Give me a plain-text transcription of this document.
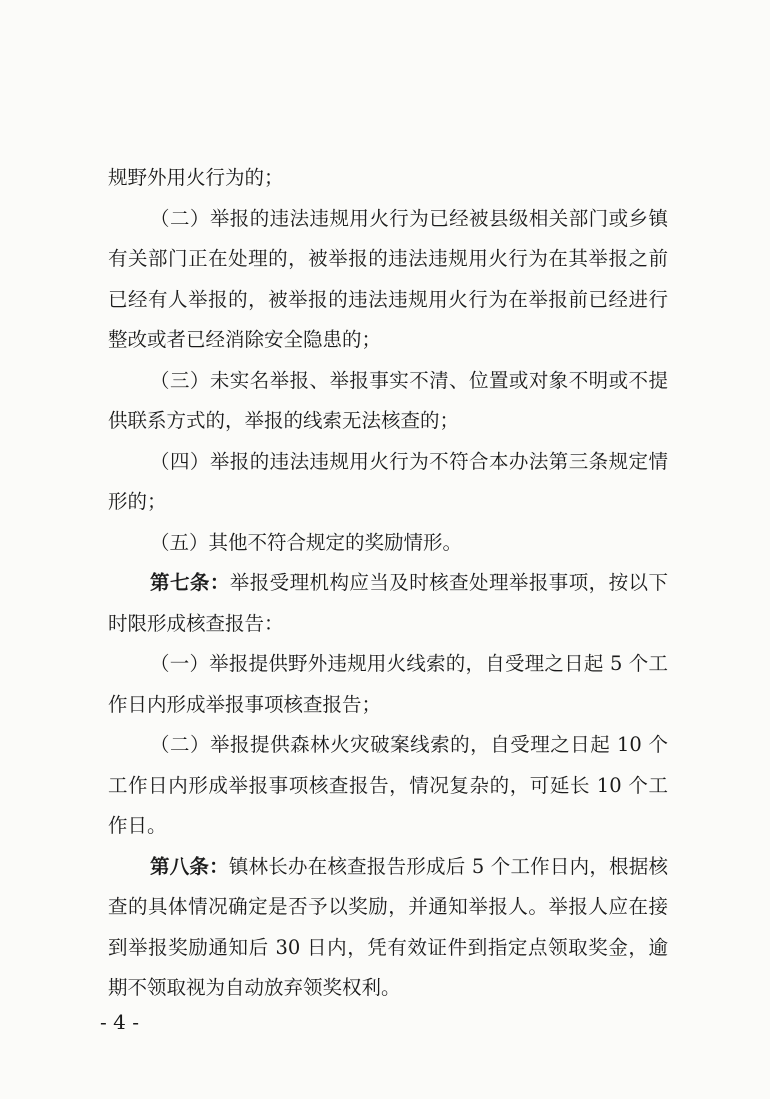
规野外用火行为的；
（二）举报的违法违规用火行为已经被县级相关部门或乡镇
有关部门正在处理的，被举报的违法违规用火行为在其举报之前
已经有人举报的，被举报的违法违规用火行为在举报前已经进行
整改或者已经消除安全隐患的；
（三）未实名举报、举报事实不清、位置或对象不明或不提
供联系方式的，举报的线索无法核查的；
（四）举报的违法违规用火行为不符合本办法第三条规定情
形的；
（五）其他不符合规定的奖励情形。
第七条：举报受理机构应当及时核查处理举报事项，按以下
时限形成核查报告：
（一）举报提供野外违规用火线索的，自受理之日起 5 个工
作日内形成举报事项核查报告；
（二）举报提供森林火灾破案线索的，自受理之日起 10 个
工作日内形成举报事项核查报告，情况复杂的，可延长 10 个工
作日。
第八条：镇林长办在核查报告形成后 5 个工作日内，根据核
查的具体情况确定是否予以奖励，并通知举报人。举报人应在接
到举报奖励通知后 30 日内，凭有效证件到指定点领取奖金，逾
期不领取视为自动放弃领奖权利。
- 4 -
